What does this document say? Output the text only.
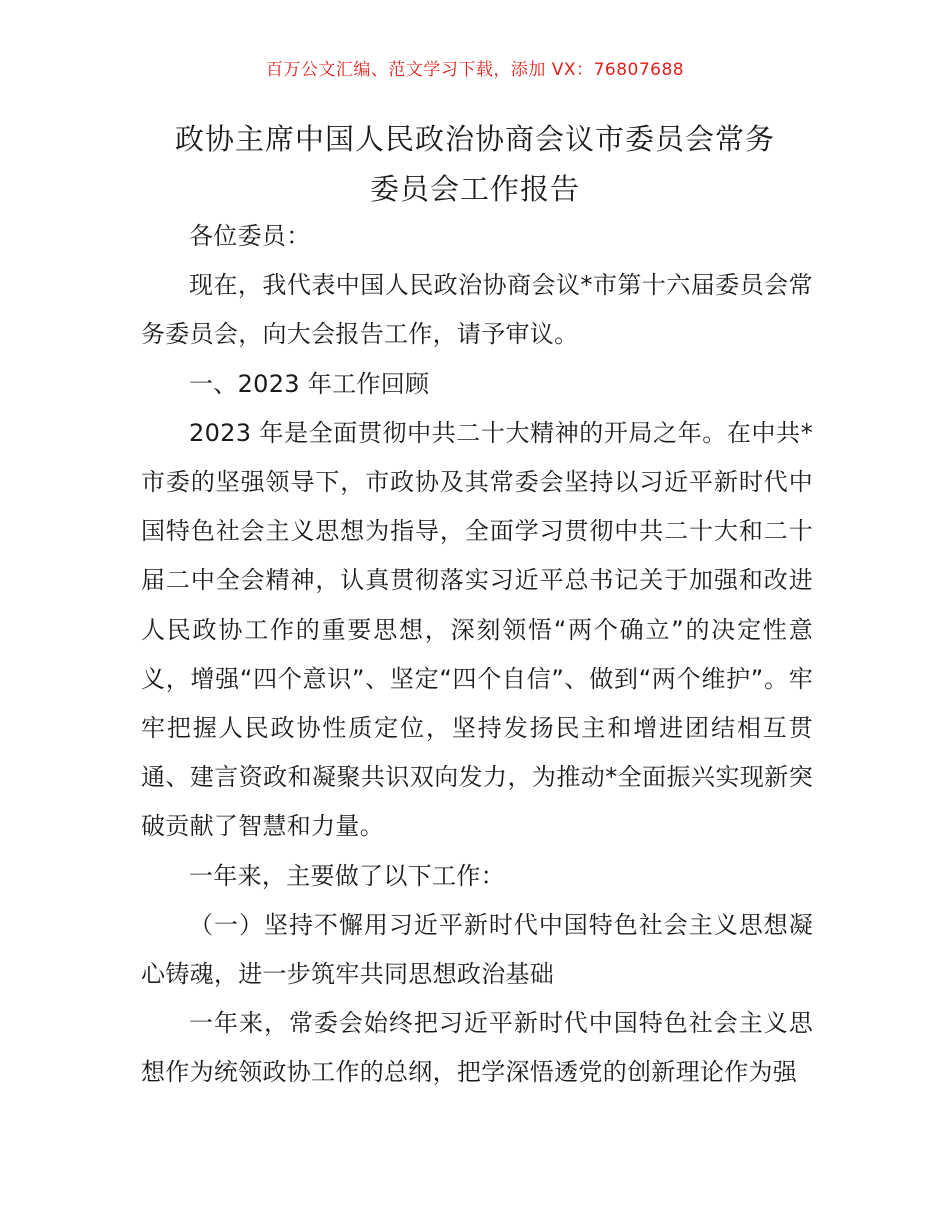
百万公文汇编、范文学习下载，添加 VX：76807688
政协主席中国人民政治协商会议市委员会常务
委员会工作报告

各位委员：

现在，我代表中国人民政治协商会议*市第十六届委员会常务委员会，向大会报告工作，请予审议。

一、2023 年工作回顾

2023 年是全面贯彻中共二十大精神的开局之年。在中共*市委的坚强领导下，市政协及其常委会坚持以习近平新时代中国特色社会主义思想为指导，全面学习贯彻中共二十大和二十届二中全会精神，认真贯彻落实习近平总书记关于加强和改进人民政协工作的重要思想，深刻领悟“两个确立”的决定性意义，增强“四个意识”、坚定“四个自信”、做到“两个维护”。牢牢把握人民政协性质定位，坚持发扬民主和增进团结相互贯通、建言资政和凝聚共识双向发力，为推动*全面振兴实现新突破贡献了智慧和力量。

一年来，主要做了以下工作：

（一）坚持不懈用习近平新时代中国特色社会主义思想凝心铸魂，进一步筑牢共同思想政治基础

一年来，常委会始终把习近平新时代中国特色社会主义思想作为统领政协工作的总纲，把学深悟透党的创新理论作为强
